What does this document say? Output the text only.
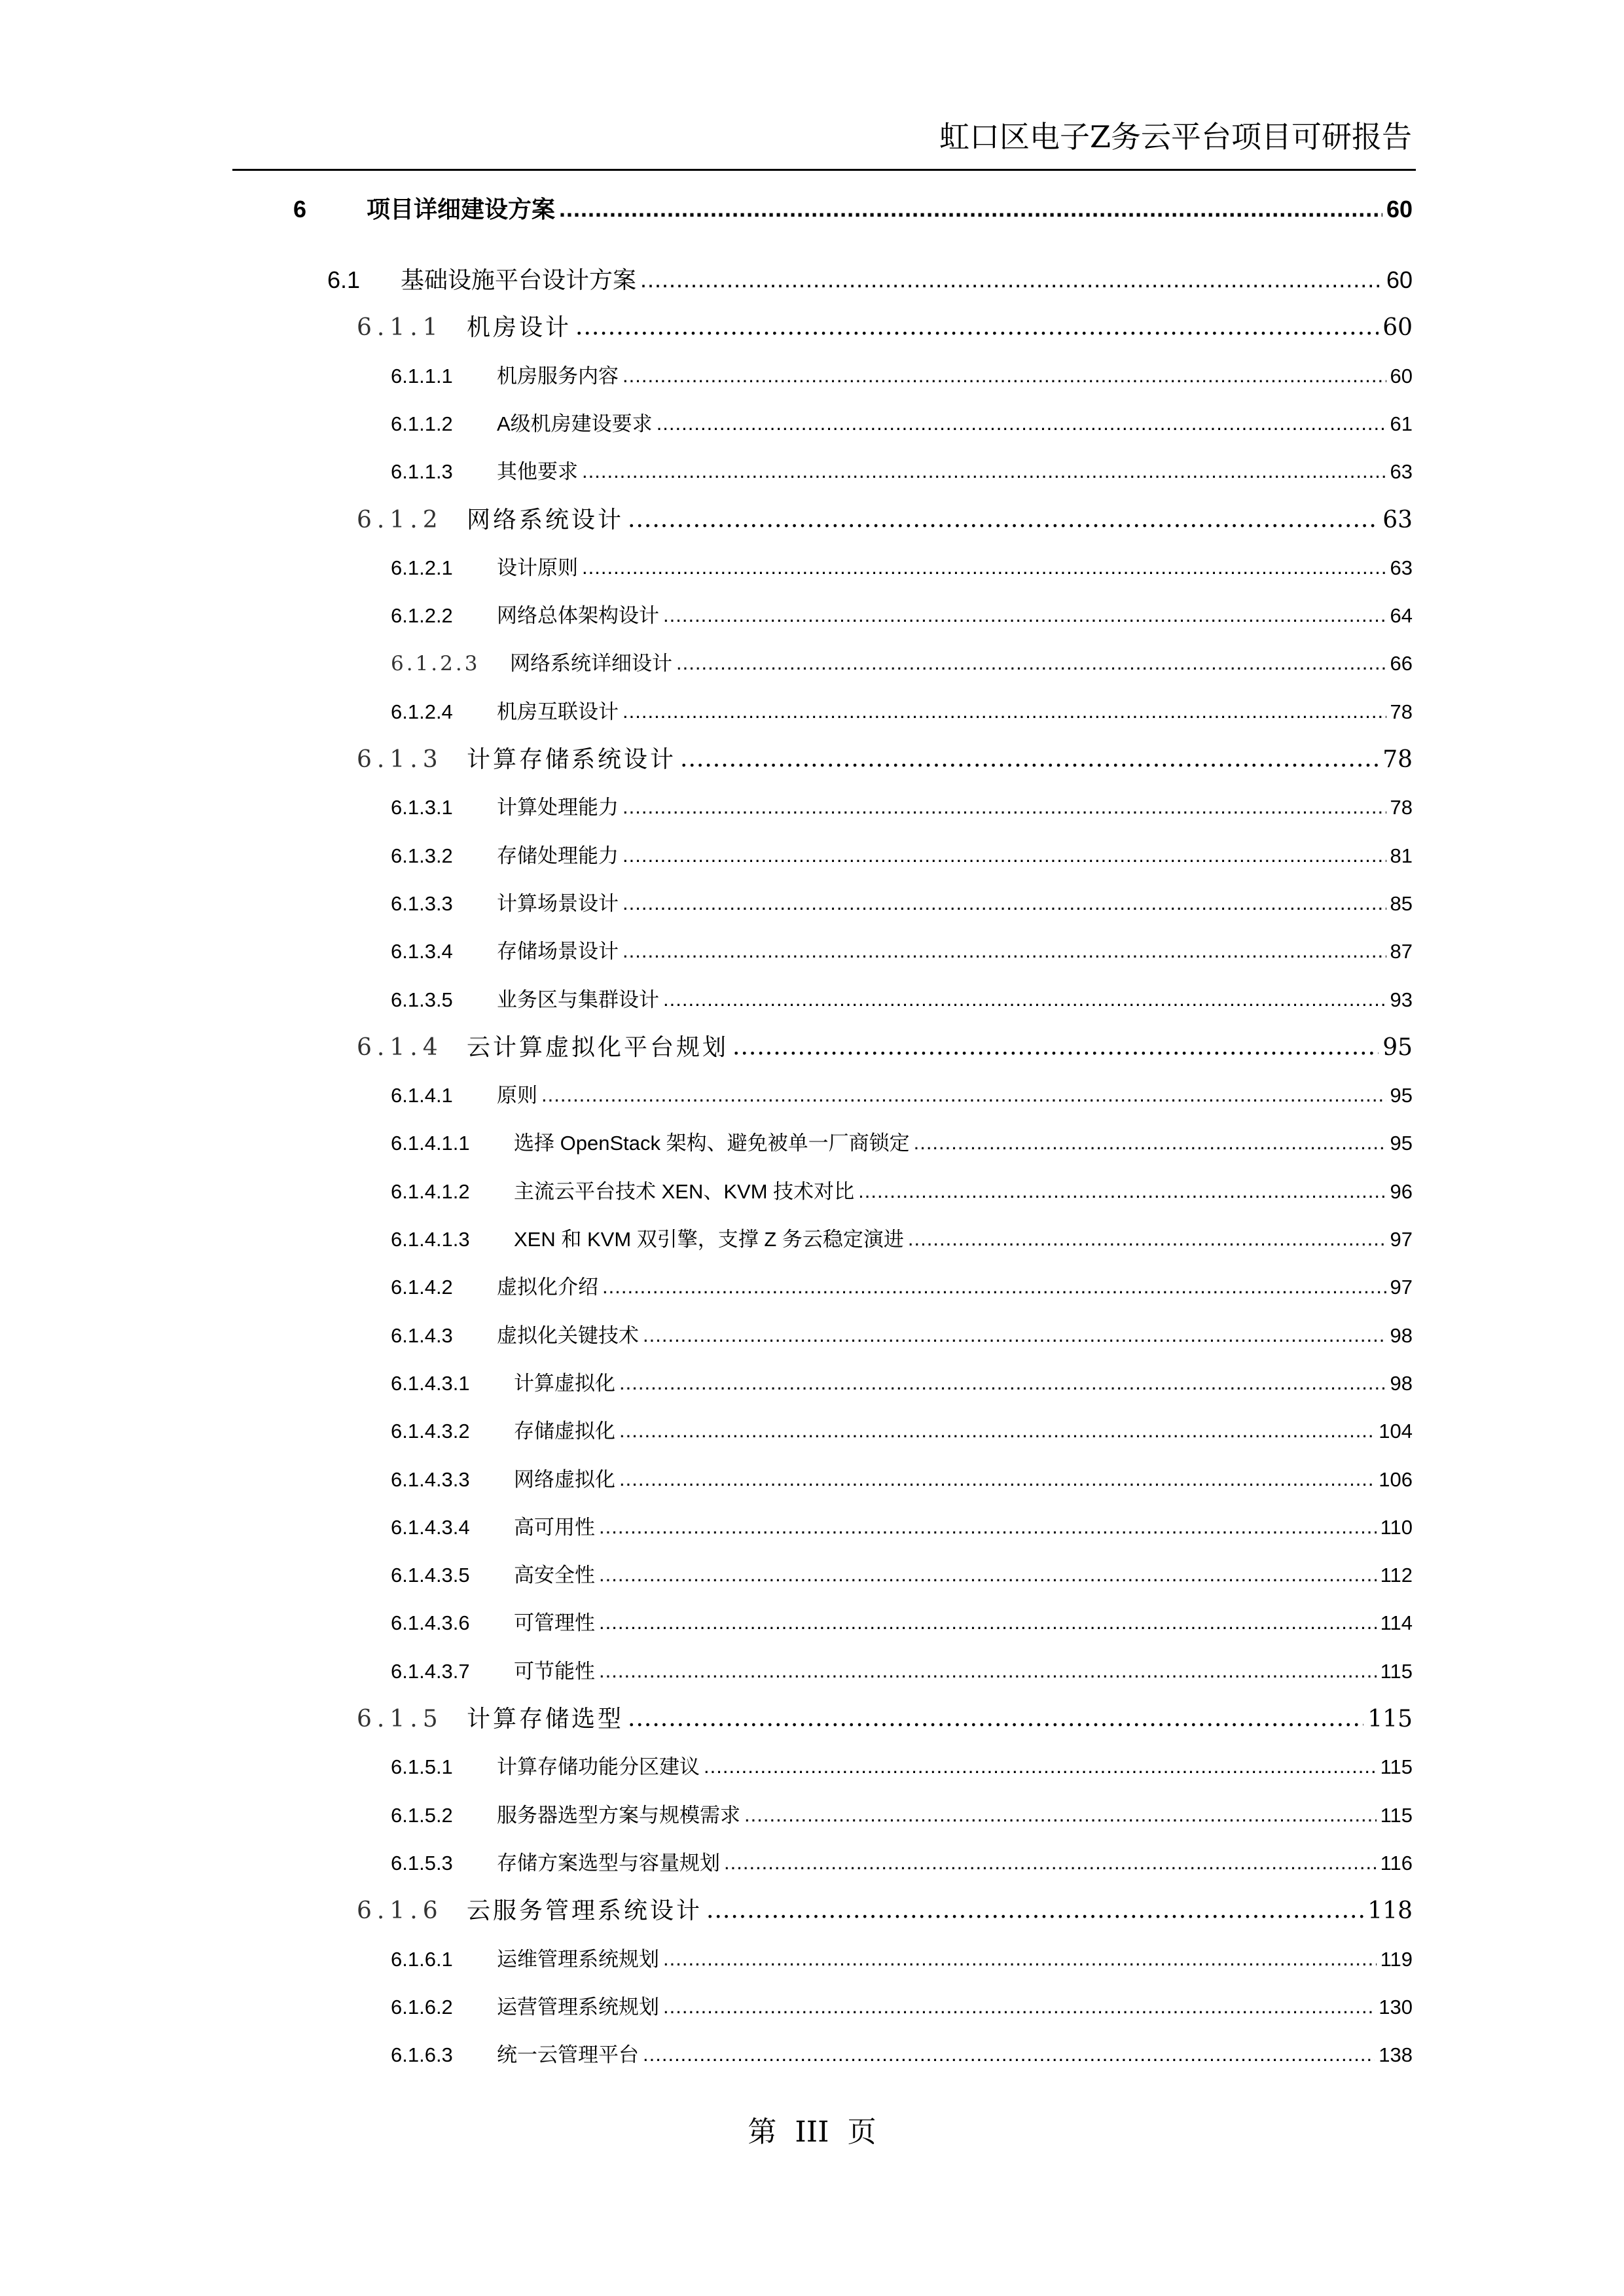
虹口区电子Z务云平台项目可研报告
6	项目详细建设方案 .....	60
6.1	基础设施平台设计方案 .....	60
6.1.1	机房设计 .....	60
6.1.1.1	机房服务内容 .....	60
6.1.1.2	A级机房建设要求 .....	61
6.1.1.3	其他要求 .....	63
6.1.2	网络系统设计 .....	63
6.1.2.1	设计原则 .....	63
6.1.2.2	网络总体架构设计 .....	64
6.1.2.3	网络系统详细设计 .....	66
6.1.2.4	机房互联设计 .....	78
6.1.3	计算存储系统设计 .....	78
6.1.3.1	计算处理能力 .....	78
6.1.3.2	存储处理能力 .....	81
6.1.3.3	计算场景设计 .....	85
6.1.3.4	存储场景设计 .....	87
6.1.3.5	业务区与集群设计 .....	93
6.1.4	云计算虚拟化平台规划 .....	95
6.1.4.1	原则 .....	95
6.1.4.1.1	选择 OpenStack 架构、避免被单一厂商锁定 .....	95
6.1.4.1.2	主流云平台技术 XEN、KVM 技术对比 .....	96
6.1.4.1.3	XEN 和 KVM 双引擎，支撑 Z 务云稳定演进 .....	97
6.1.4.2	虚拟化介绍 .....	97
6.1.4.3	虚拟化关键技术 .....	98
6.1.4.3.1	计算虚拟化 .....	98
6.1.4.3.2	存储虚拟化 .....	104
6.1.4.3.3	网络虚拟化 .....	106
6.1.4.3.4	高可用性 .....	110
6.1.4.3.5	高安全性 .....	112
6.1.4.3.6	可管理性 .....	114
6.1.4.3.7	可节能性 .....	115
6.1.5	计算存储选型 .....	115
6.1.5.1	计算存储功能分区建议 .....	115
6.1.5.2	服务器选型方案与规模需求 .....	115
6.1.5.3	存储方案选型与容量规划 .....	116
6.1.6	云服务管理系统设计 .....	118
6.1.6.1	运维管理系统规划 .....	119
6.1.6.2	运营管理系统规划 .....	130
6.1.6.3	统一云管理平台 .....	138
第 III 页
